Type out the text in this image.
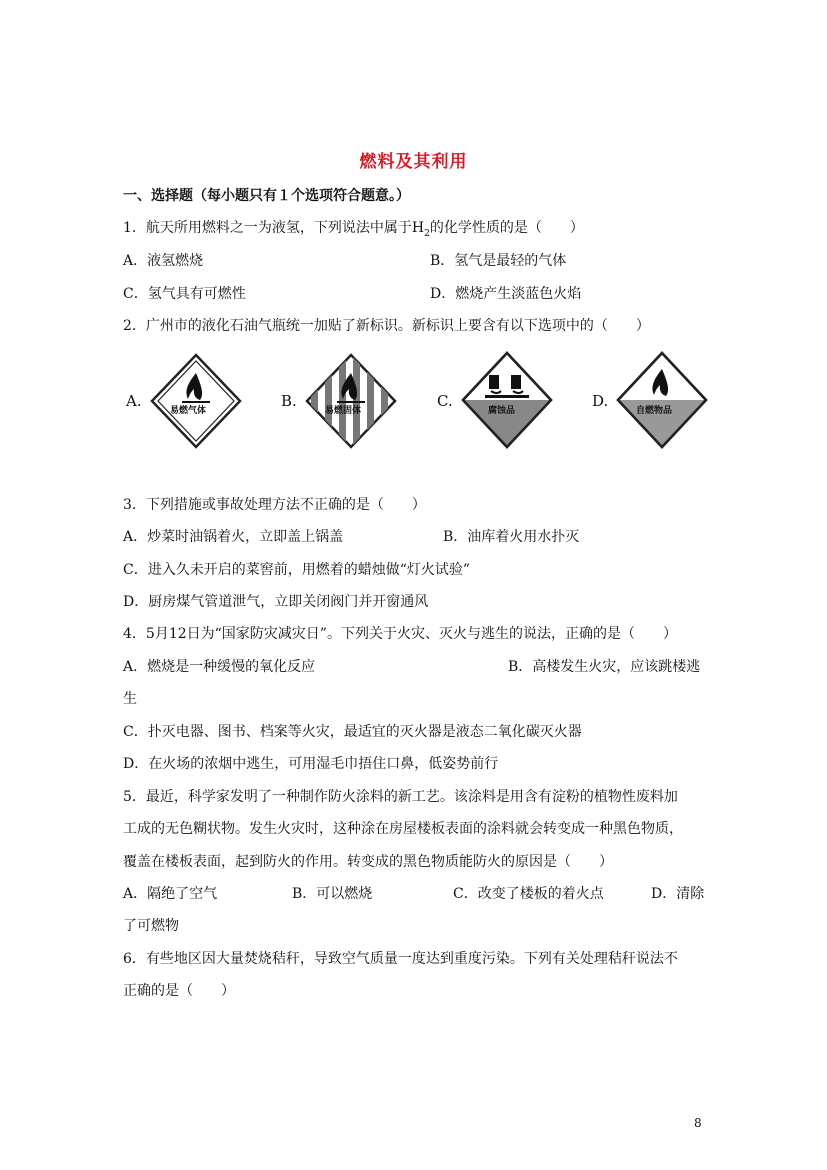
燃料及其利用
一、选择题（每小题只有１个选项符合题意。）
1．航天所用燃料之一为液氢，下列说法中属于$H_2$的化学性质的是（　　）
A．液氢燃烧	B．氢气是最轻的气体
C．氢气具有可燃性	D．燃烧产生淡蓝色火焰
2．广州市的液化石油气瓶统一加贴了新标识。新标识上要含有以下选项中的（　　）
A.
易燃气体
B.
易燃固体
C.
腐蚀品
D.
自燃物品
3．下列措施或事故处理方法不正确的是（　　）
A．炒菜时油锅着火，立即盖上锅盖	B．油库着火用水扑灭
C．进入久未开启的菜窖前，用燃着的蜡烛做“灯火试验”
D．厨房煤气管道泄气，立即关闭阀门并开窗通风
4．5月12日为“国家防灾减灾日”。下列关于火灾、灭火与逃生的说法，正确的是（　　）
A．燃烧是一种缓慢的氧化反应	B．高楼发生火灾，应该跳楼逃
生
C．扑灭电器、图书、档案等火灾，最适宜的灭火器是液态二氧化碳灭火器
D．在火场的浓烟中逃生，可用湿毛巾捂住口鼻，低姿势前行
5．最近，科学家发明了一种制作防火涂料的新工艺。该涂料是用含有淀粉的植物性废料加
工成的无色糊状物。发生火灾时，这种涂在房屋楼板表面的涂料就会转变成一种黑色物质，
覆盖在楼板表面，起到防火的作用。转变成的黑色物质能防火的原因是（　　）
A．隔绝了空气	B．可以燃烧	C．改变了楼板的着火点	D．清除
了可燃物
6．有些地区因大量焚烧秸秆，导致空气质量一度达到重度污染。下列有关处理秸秆说法不
正确的是（　　）
8
